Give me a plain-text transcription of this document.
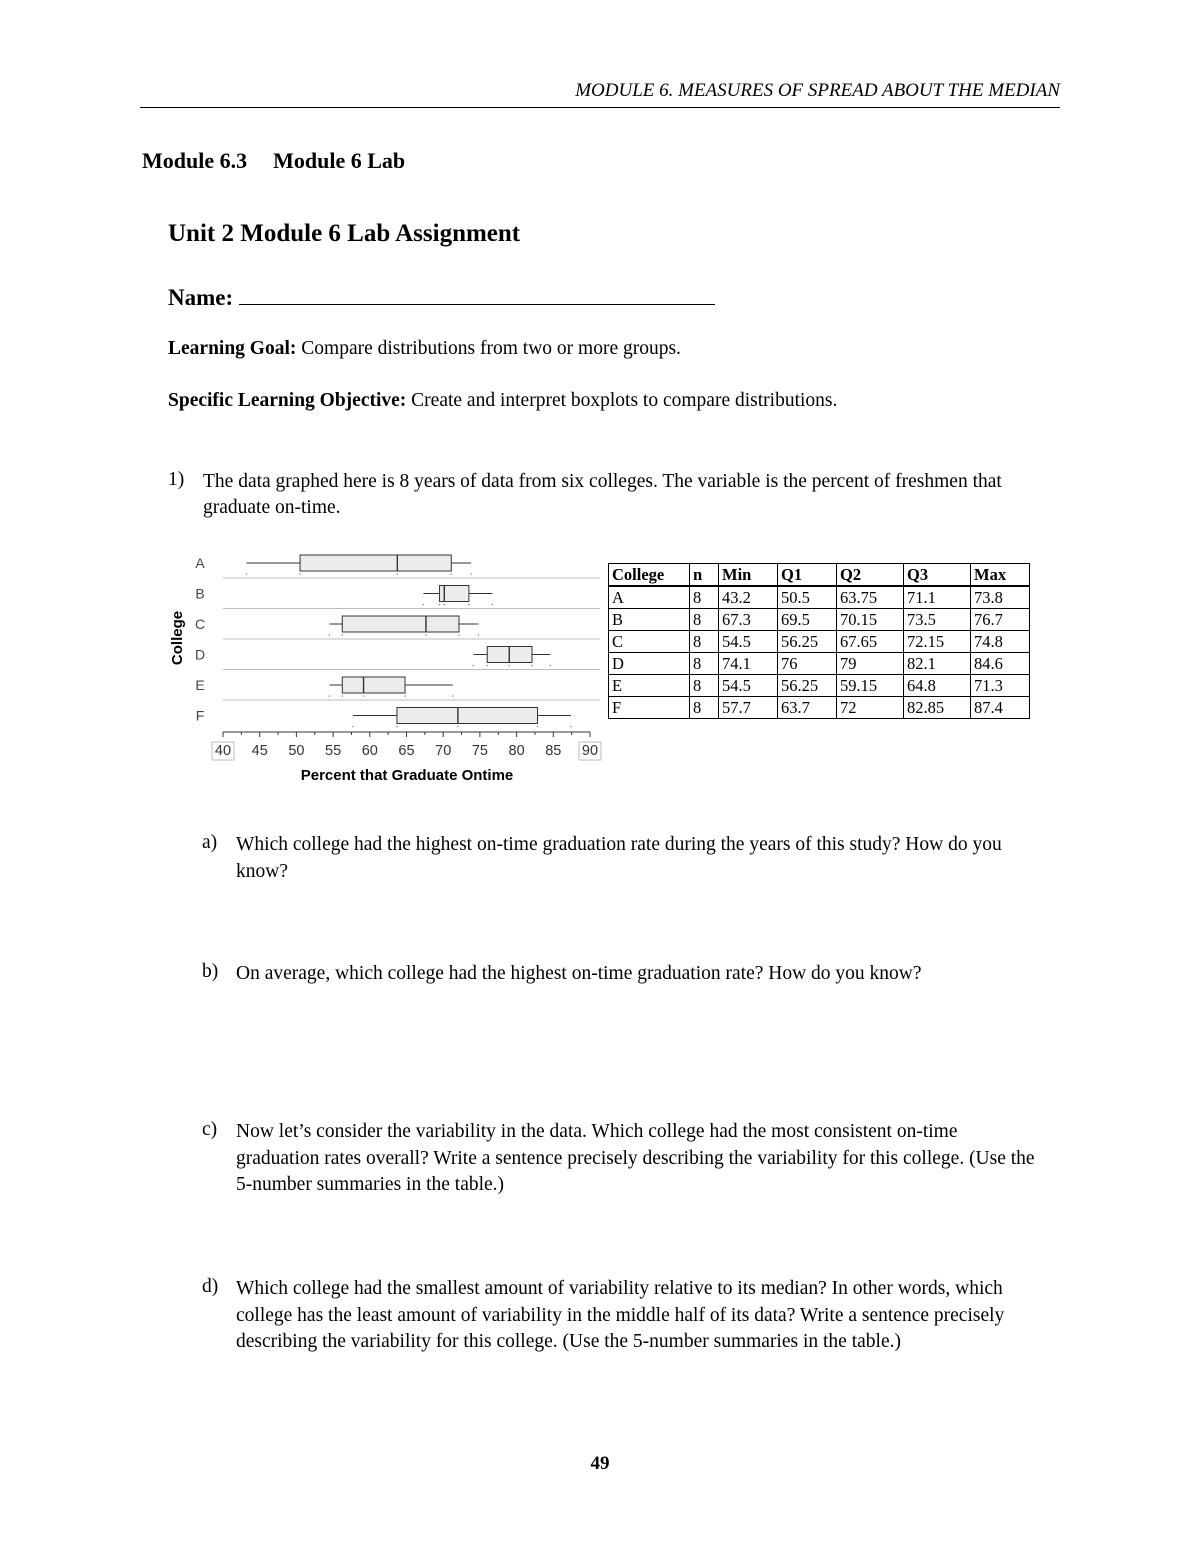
MODULE 6. MEASURES OF SPREAD ABOUT THE MEDIAN
Module 6.3 Module 6 Lab
Unit 2 Module 6 Lab Assignment
Name:
Learning Goal: Compare distributions from two or more groups.
Specific Learning Objective: Create and interpret boxplots to compare distributions.
1) The data graphed here is 8 years of data from six colleges. The variable is the percent of freshmen that graduate on-time.
A
B
C
D
E
F
40 45 50 55 60 65 70 75 80 85 90
Percent that Graduate Ontime
College
College	n	Min	Q1	Q2	Q3	Max
A	8	43.2	50.5	63.75	71.1	73.8
B	8	67.3	69.5	70.15	73.5	76.7
C	8	54.5	56.25	67.65	72.15	74.8
D	8	74.1	76	79	82.1	84.6
E	8	54.5	56.25	59.15	64.8	71.3
F	8	57.7	63.7	72	82.85	87.4
a) Which college had the highest on-time graduation rate during the years of this study? How do you know?
b) On average, which college had the highest on-time graduation rate? How do you know?
c) Now let’s consider the variability in the data. Which college had the most consistent on-time graduation rates overall? Write a sentence precisely describing the variability for this college. (Use the 5-number summaries in the table.)
d) Which college had the smallest amount of variability relative to its median? In other words, which college has the least amount of variability in the middle half of its data? Write a sentence precisely describing the variability for this college. (Use the 5-number summaries in the table.)
49
